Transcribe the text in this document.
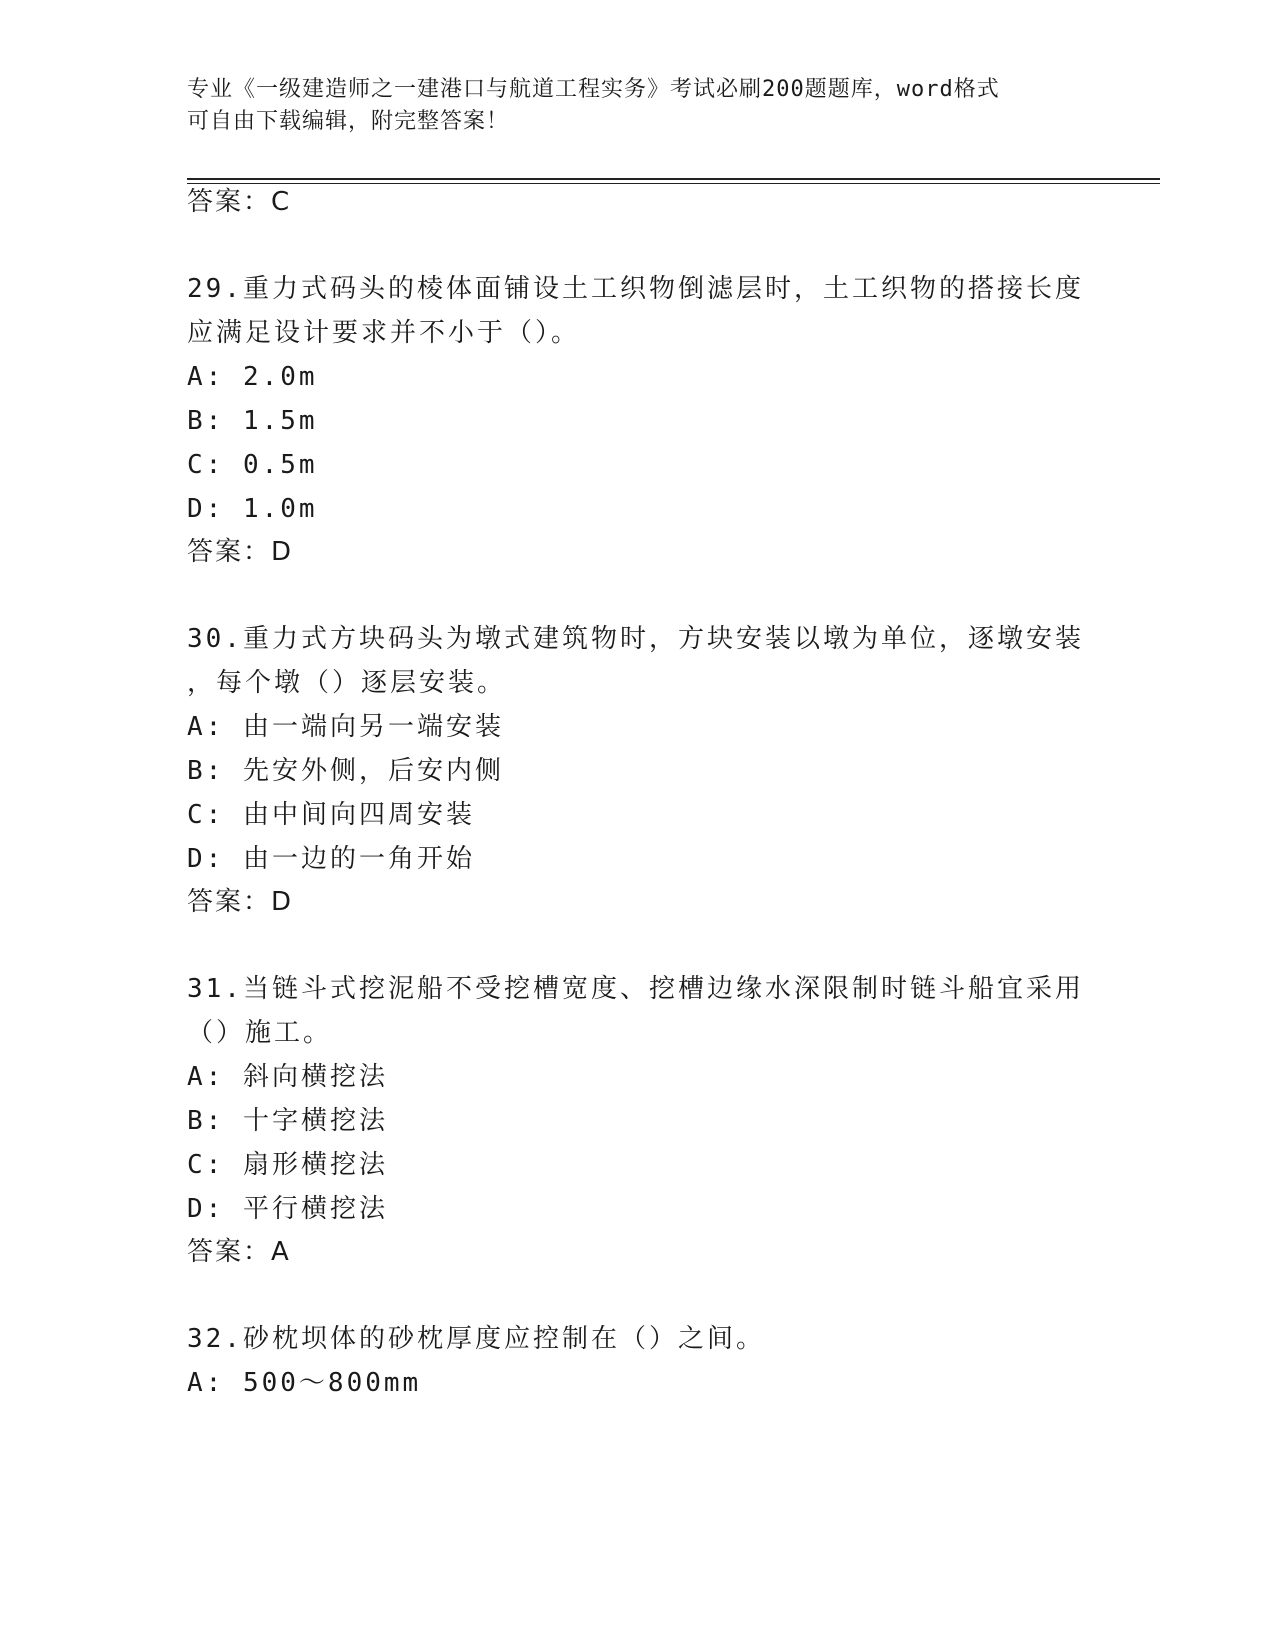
专业《一级建造师之一建港口与航道工程实务》考试必刷200题题库，word格式
可自由下载编辑，附完整答案！
答案：C
29.重力式码头的棱体面铺设土工织物倒滤层时，土工织物的搭接长度
应满足设计要求并不小于（）。
A: 2.0m
B: 1.5m
C: 0.5m
D: 1.0m
答案：D
30.重力式方块码头为墩式建筑物时，方块安装以墩为单位，逐墩安装
，每个墩（）逐层安装。
A: 由一端向另一端安装
B: 先安外侧，后安内侧
C: 由中间向四周安装
D: 由一边的一角开始
答案：D
31.当链斗式挖泥船不受挖槽宽度、挖槽边缘水深限制时链斗船宜采用
（）施工。
A: 斜向横挖法
B: 十字横挖法
C: 扇形横挖法
D: 平行横挖法
答案：A
32.砂枕坝体的砂枕厚度应控制在（）之间。
A: 500～800mm
